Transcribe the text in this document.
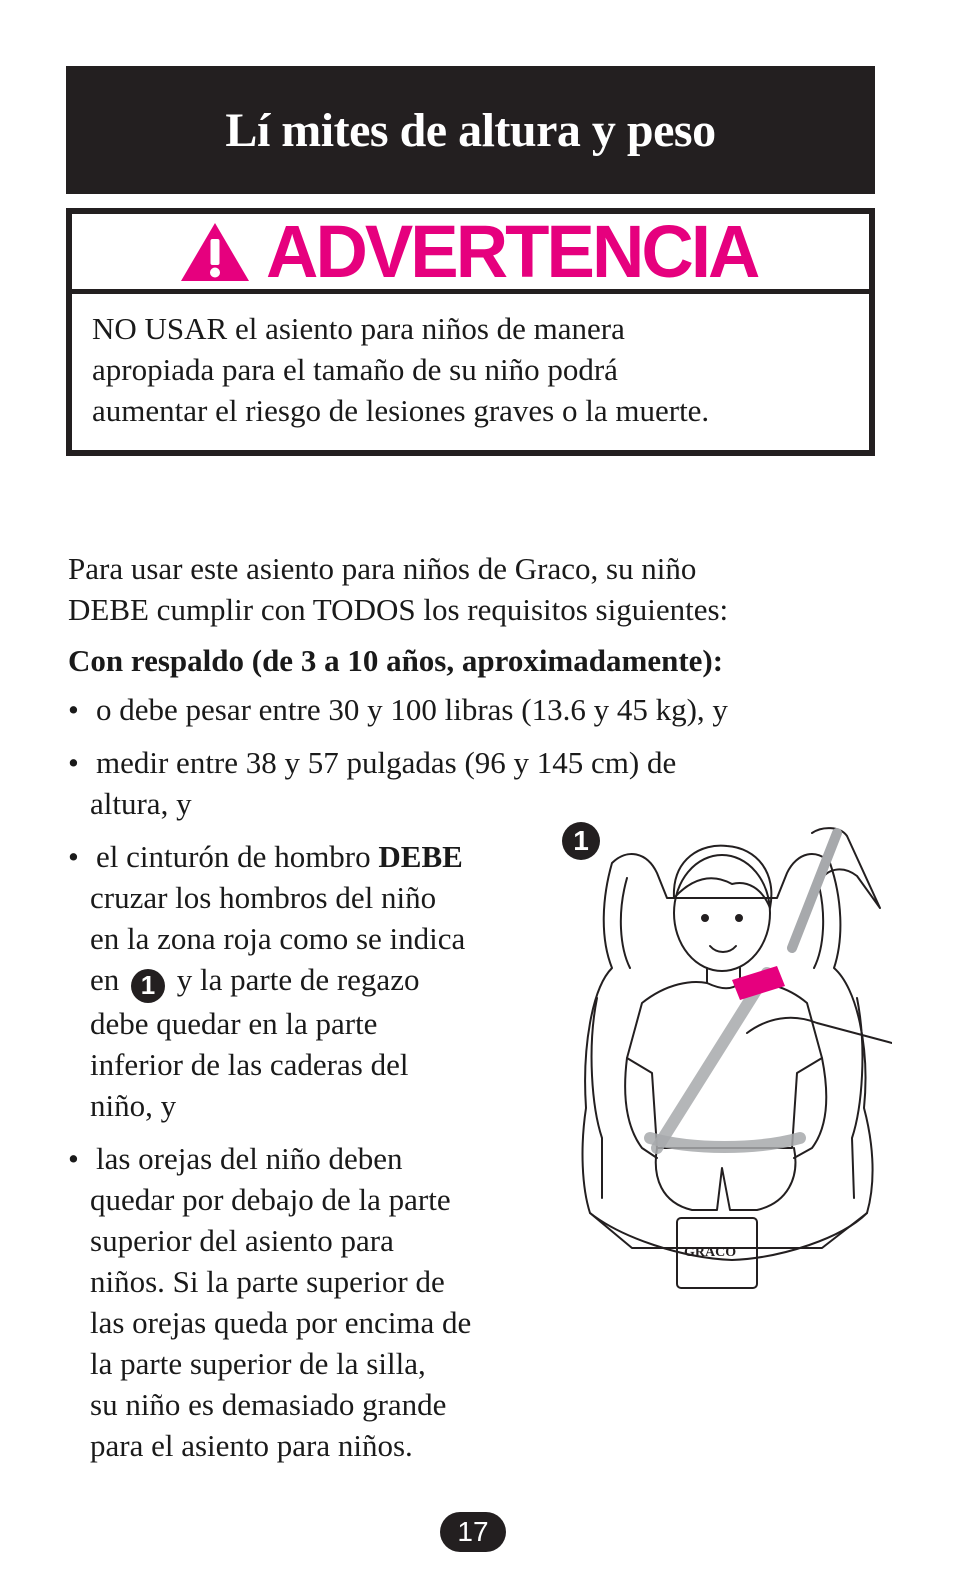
Lí mites de altura y peso
ADVERTENCIA

NO USAR el asiento para niños de manera

apropiada para el tamaño de su niño podrá

aumentar el riesgo de lesiones graves o la muerte.

Para usar este asiento para niños de Graco, su niño

DEBE cumplir con TODOS los requisitos siguientes:

Con respaldo (de 3 a 10 años, aproximadamente):

• o debe pesar entre 30 y 100 libras (13.6 y 45 kg), y
• medir entre 38 y 57 pulgadas (96 y 145 cm) de
altura, y
• el cinturón de hombro DEBE
cruzar los hombros del niño
en la zona roja como se indica
en 1 y la parte de regazo
debe quedar en la parte
inferior de las caderas del
niño, y
• las orejas del niño deben
quedar por debajo de la parte
superior del asiento para
niños. Si la parte superior de
las orejas queda por encima de
la parte superior de la silla,
su niño es demasiado grande
para el asiento para niños.
GRACO
1
17
